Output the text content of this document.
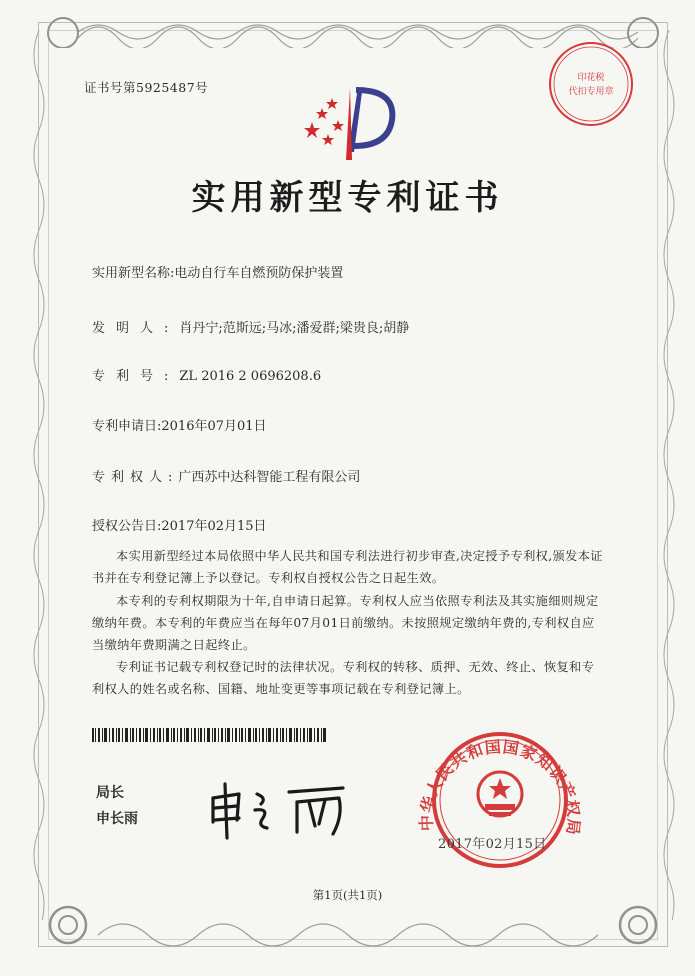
证书号第5925487号
印花税
代扣专用章
实用新型专利证书
实用新型名称:电动自行车自燃预防保护装置
发明人:肖丹宁;范斯远;马冰;潘爱群;梁贵良;胡静
专利号:ZL 2016 2 0696208.6
专利申请日:2016年07月01日
专利权人:广西苏中达科智能工程有限公司
授权公告日:2017年02月15日
本实用新型经过本局依照中华人民共和国专利法进行初步审查,决定授予专利权,颁发本证书并在专利登记簿上予以登记。专利权自授权公告之日起生效。
本专利的专利权期限为十年,自申请日起算。专利权人应当依照专利法及其实施细则规定缴纳年费。本专利的年费应当在每年07月01日前缴纳。未按照规定缴纳年费的,专利权自应当缴纳年费期满之日起终止。
专利证书记载专利权登记时的法律状况。专利权的转移、质押、无效、终止、恢复和专利权人的姓名或名称、国籍、地址变更等事项记载在专利登记簿上。
局长
申长雨	中华人民共和国国家知识产权局
2017年02月15日
第1页(共1页)
